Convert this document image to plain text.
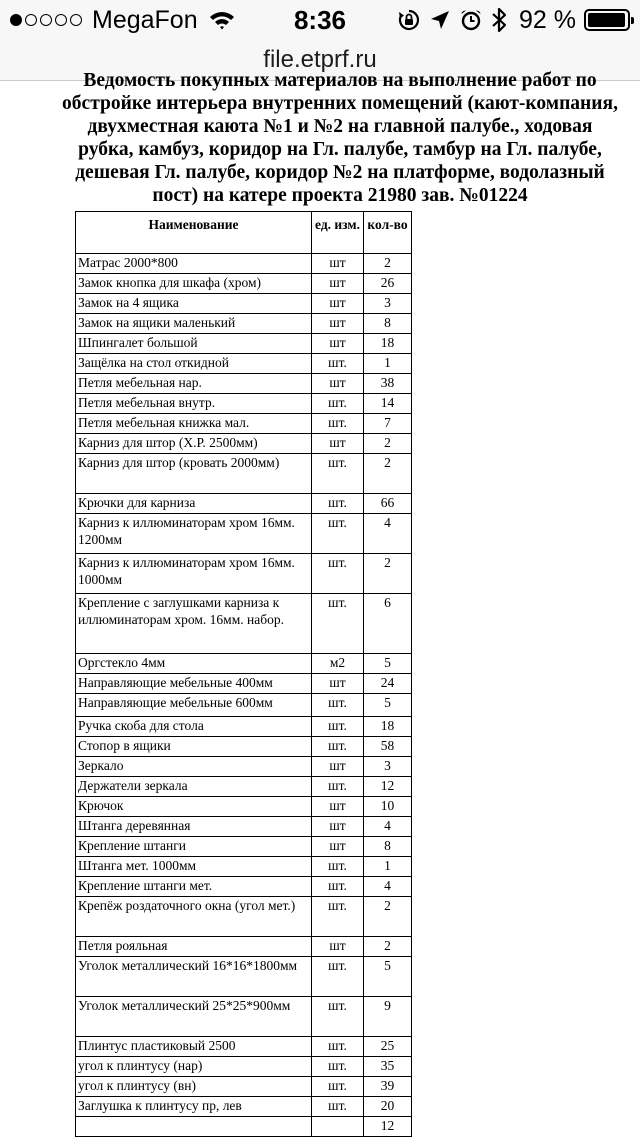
MegaFon	8:36	92 %
file.etprf.ru

Ведомость покупных материалов на выполнение работ по обстройке интерьера внутренних помещений (кают-компания, двухместная каюта №1 и №2 на главной палубе., ходовая рубка, камбуз, коридор на Гл. палубе, тамбур на Гл. палубе, дешевая Гл. палубе, коридор №2 на платформе, водолазный пост) на катере проекта 21980 зав. №01224

Наименование	ед. изм.	кол-во
Матрас 2000*800	шт	2
Замок кнопка для шкафа (хром)	шт	26
Замок на 4 ящика	шт	3
Замок на ящики маленький	шт	8
Шпингалет большой	шт	18
Защёлка на стол откидной	шт.	1
Петля мебельная нар.	шт	38
Петля мебельная внутр.	шт.	14
Петля мебельная книжка мал.	шт.	7
Карниз для штор (Х.Р. 2500мм)	шт	2
Карниз для штор (кровать 2000мм)	шт.	2
Крючки для карниза	шт.	66
Карниз к иллюминаторам хром 16мм. 1200мм	шт.	4
Карниз к иллюминаторам хром 16мм. 1000мм	шт.	2
Крепление с заглушками карниза к иллюминаторам хром. 16мм. набор.	шт.	6
Оргстекло 4мм	м2	5
Направляющие мебельные 400мм	шт	24
Направляющие мебельные 600мм	шт.	5
Ручка скоба для стола	шт.	18
Стопор в ящики	шт.	58
Зеркало	шт	3
Держатели зеркала	шт.	12
Крючок	шт	10
Штанга деревянная	шт	4
Крепление штанги	шт	8
Штанга мет. 1000мм	шт.	1
Крепление штанги мет.	шт.	4
Крепёж роздаточного окна (угол мет.)	шт.	2
Петля рояльная	шт	2
Уголок металлический 16*16*1800мм	шт.	5
Уголок металлический 25*25*900мм	шт.	9
Плинтус пластиковый 2500	шт.	25
угол к плинтусу (нар)	шт.	35
угол к плинтусу (вн)	шт.	39
Заглушка к плинтусу пр, лев	шт.	20
		12
